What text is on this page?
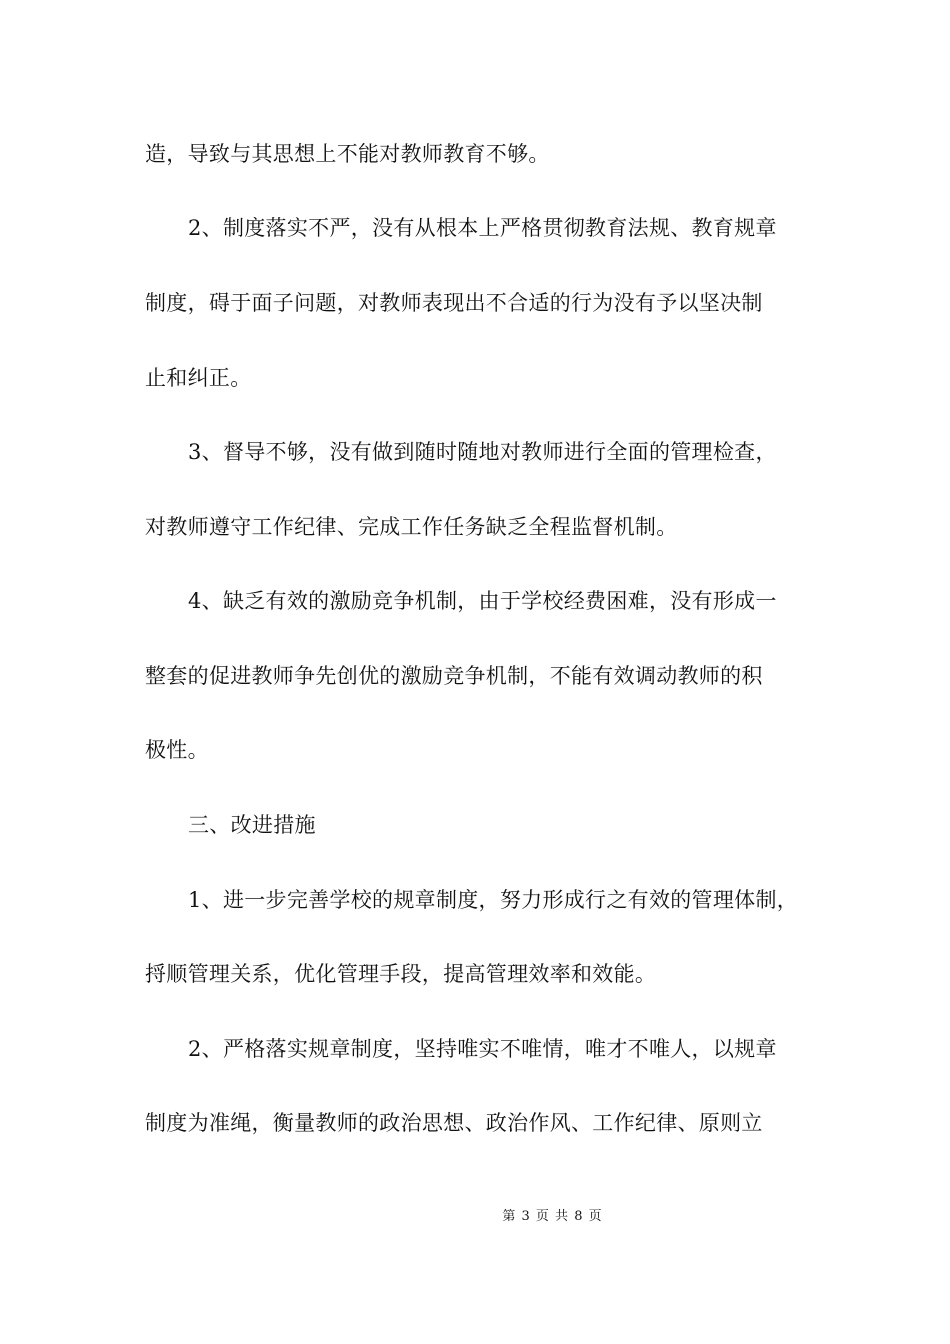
造，导致与其思想上不能对教师教育不够。
2、制度落实不严，没有从根本上严格贯彻教育法规、教育规章
制度，碍于面子问题，对教师表现出不合适的行为没有予以坚决制
止和纠正。
3、督导不够，没有做到随时随地对教师进行全面的管理检查，
对教师遵守工作纪律、完成工作任务缺乏全程监督机制。
4、缺乏有效的激励竞争机制，由于学校经费困难，没有形成一
整套的促进教师争先创优的激励竞争机制，不能有效调动教师的积
极性。
三、改进措施
1、进一步完善学校的规章制度，努力形成行之有效的管理体制，
捋顺管理关系，优化管理手段，提高管理效率和效能。
2、严格落实规章制度，坚持唯实不唯情，唯才不唯人，以规章
制度为准绳，衡量教师的政治思想、政治作风、工作纪律、原则立
第 3 页 共 8 页
